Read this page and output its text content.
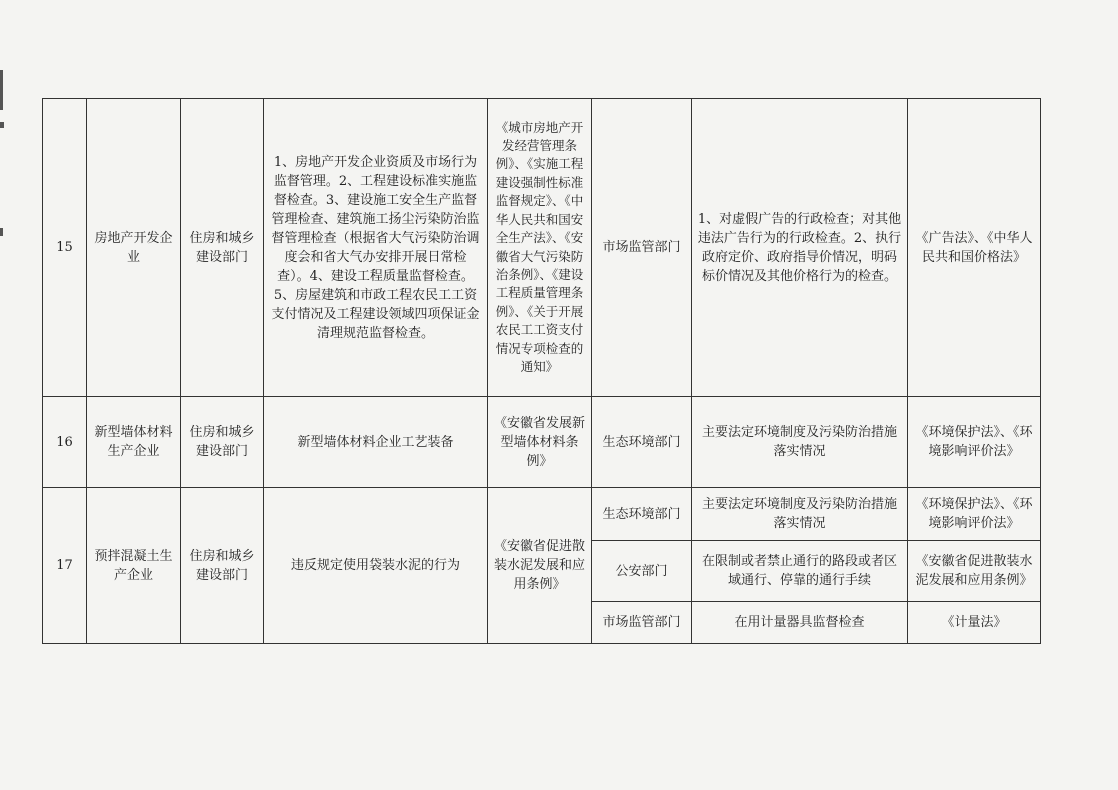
15	房地产开发企业	住房和城乡建设部门	1、房地产开发企业资质及市场行为监督管理。2、工程建设标准实施监督检查。3、建设施工安全生产监督管理检查、建筑施工扬尘污染防治监督管理检查（根据省大气污染防治调度会和省大气办安排开展日常检查）。4、建设工程质量监督检查。5、房屋建筑和市政工程农民工工资支付情况及工程建设领域四项保证金清理规范监督检查。	《城市房地产开发经营管理条例》、《实施工程建设强制性标准监督规定》、《中华人民共和国安全生产法》、《安徽省大气污染防治条例》、《建设工程质量管理条例》、《关于开展农民工工资支付情况专项检查的通知》	市场监管部门	1、对虚假广告的行政检查；对其他违法广告行为的行政检查。2、执行政府定价、政府指导价情况，明码标价情况及其他价格行为的检查。	《广告法》、《中华人民共和国价格法》
16	新型墙体材料生产企业	住房和城乡建设部门	新型墙体材料企业工艺装备	《安徽省发展新型墙体材料条例》	生态环境部门	主要法定环境制度及污染防治措施落实情况	《环境保护法》、《环境影响评价法》
17	预拌混凝土生产企业	住房和城乡建设部门	违反规定使用袋装水泥的行为	《安徽省促进散装水泥发展和应用条例》	生态环境部门	主要法定环境制度及污染防治措施落实情况	《环境保护法》、《环境影响评价法》
					公安部门	在限制或者禁止通行的路段或者区域通行、停靠的通行手续	《安徽省促进散装水泥发展和应用条例》
					市场监管部门	在用计量器具监督检查	《计量法》
